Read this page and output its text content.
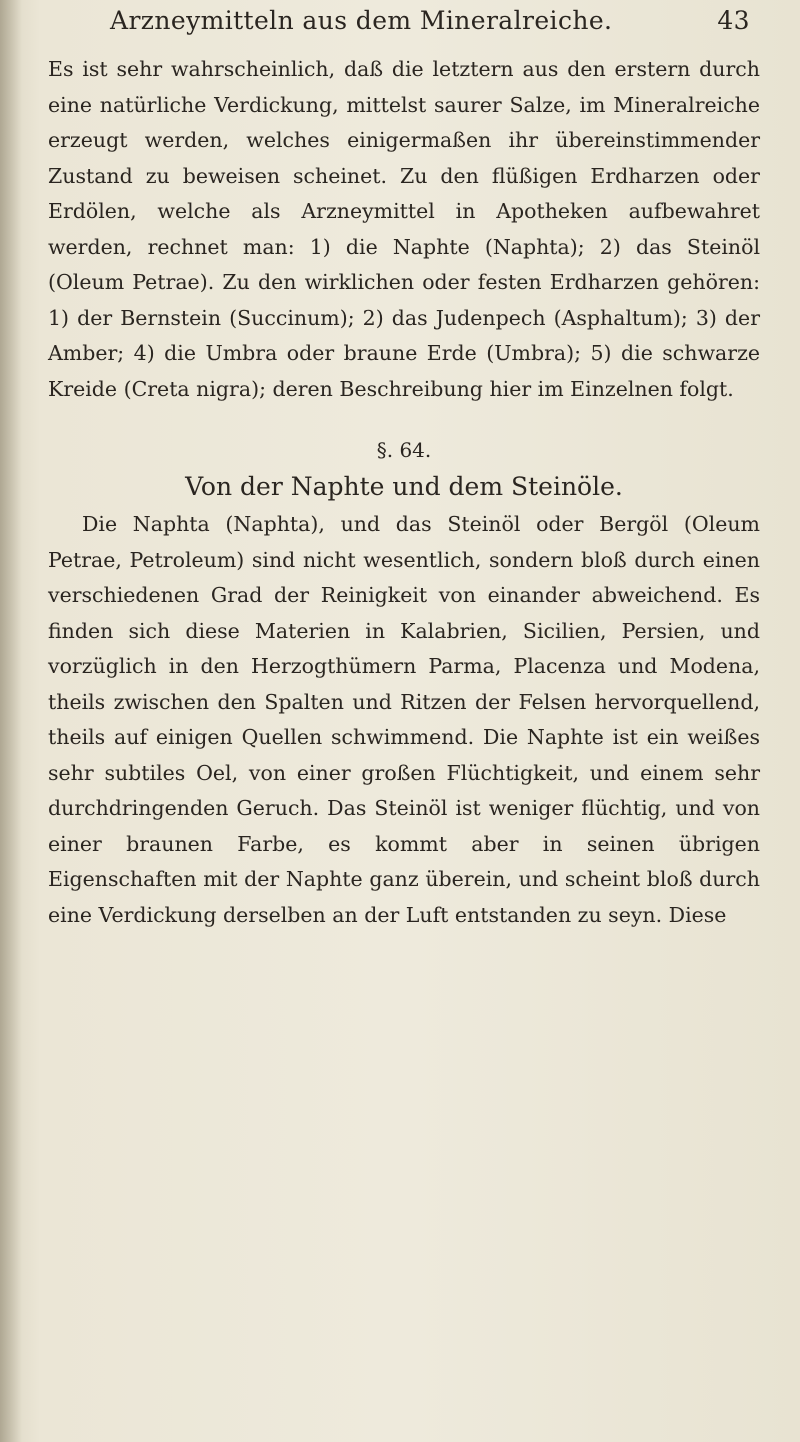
Arzneymitteln aus dem Mineralreiche.	43

Es ist sehr wahrscheinlich, daß die letztern aus den erstern durch eine natürliche Verdickung, mittelst saurer Salze, im Mineralreiche erzeugt werden, welches einigermaßen ihr übereinstimmender Zustand zu beweisen scheinet. Zu den flüßigen Erdharzen oder Erdölen, welche als Arzneymittel in Apotheken aufbewahret werden, rechnet man: 1) die Naphte (Naphta); 2) das Steinöl (Oleum Petrae). Zu den wirklichen oder festen Erdharzen gehören: 1) der Bernstein (Succinum); 2) das Judenpech (Asphaltum); 3) der Amber; 4) die Umbra oder braune Erde (Umbra); 5) die schwarze Kreide (Creta nigra); deren Beschreibung hier im Einzelnen folgt.

§. 64.
Von der Naphte und dem Steinöle.

Die Naphta (Naphta), und das Steinöl oder Bergöl (Oleum Petrae, Petroleum) sind nicht wesentlich, sondern bloß durch einen verschiedenen Grad der Reinigkeit von einander abweichend. Es finden sich diese Materien in Kalabrien, Sicilien, Persien, und vorzüglich in den Herzogthümern Parma, Placenza und Modena, theils zwischen den Spalten und Ritzen der Felsen hervorquellend, theils auf einigen Quellen schwimmend. Die Naphte ist ein weißes sehr subtiles Oel, von einer großen Flüchtigkeit, und einem sehr durchdringenden Geruch. Das Steinöl ist weniger flüchtig, und von einer braunen Farbe, es kommt aber in seinen übrigen Eigenschaften mit der Naphte ganz überein, und scheint bloß durch eine Verdickung derselben an der Luft entstanden zu seyn. Diese
